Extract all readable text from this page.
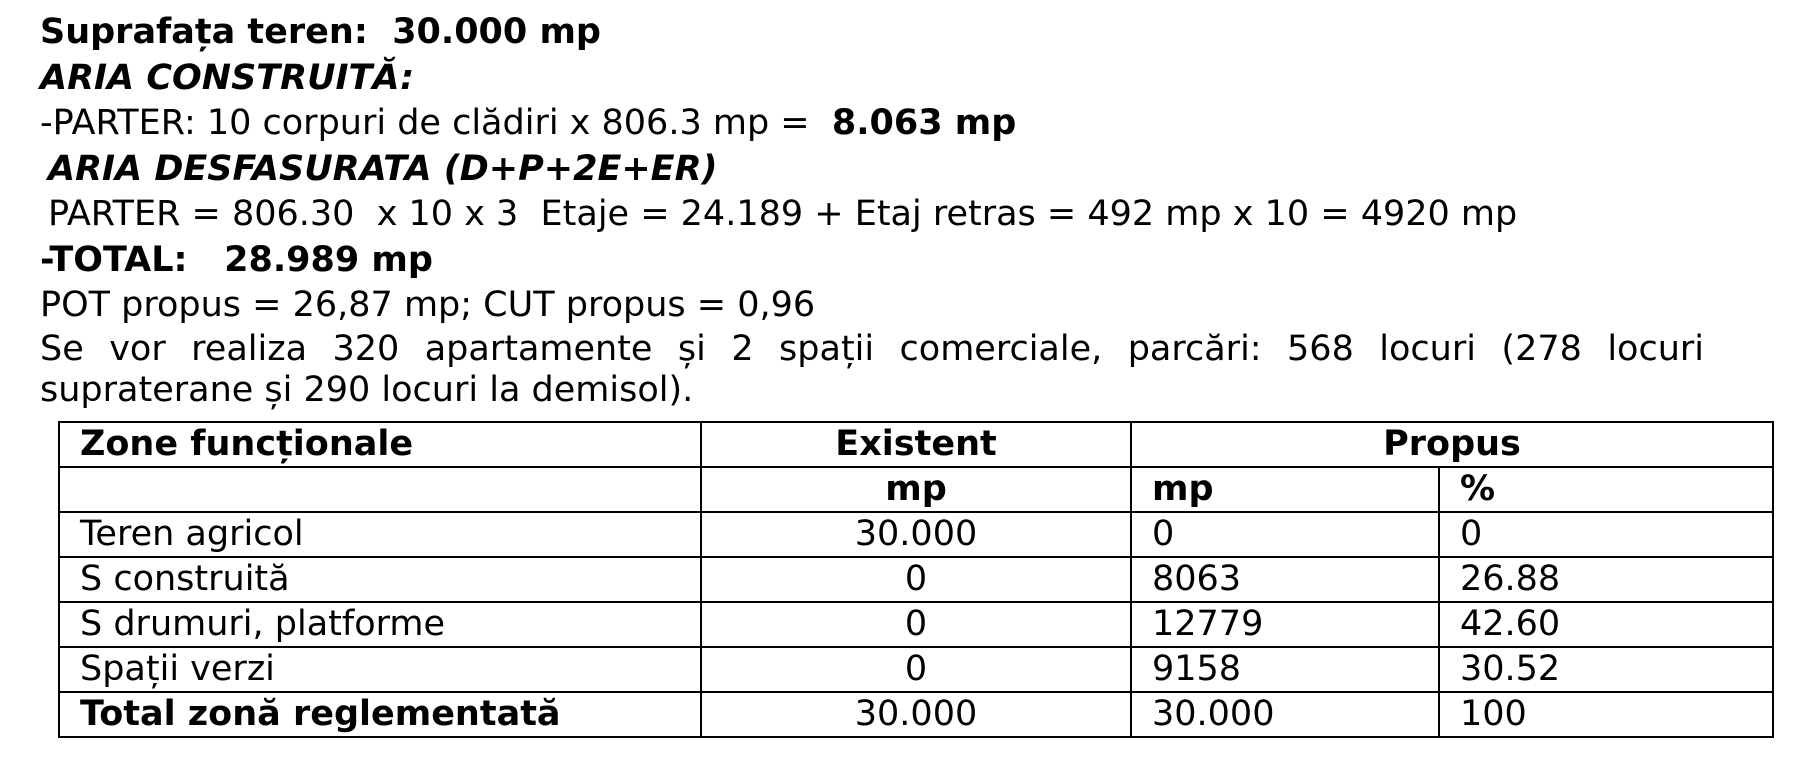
Suprafața teren: 30.000 mp
ARIA CONSTRUITĂ:
-PARTER: 10 corpuri de clădiri x 806.3 mp = 8.063 mp
ARIA DESFASURATA (D+P+2E+ER)
PARTER = 806.30  x 10 x 3  Etaje = 24.189 + Etaj retras = 492 mp x 10 = 4920 mp
-TOTAL: 28.989 mp
POT propus = 26,87 mp; CUT propus = 0,96
Se vor realiza 320 apartamente și 2 spații comerciale, parcări: 568 locuri (278 locuri supraterane și 290 locuri la demisol).
Zone funcționale	Existent	Propus	
	mp	mp	%
Teren agricol	30.000	0	0
S construită	0	8063	26.88
S drumuri, platforme	0	12779	42.60
Spații verzi	0	9158	30.52
Total zonă reglementată	30.000	30.000	100
